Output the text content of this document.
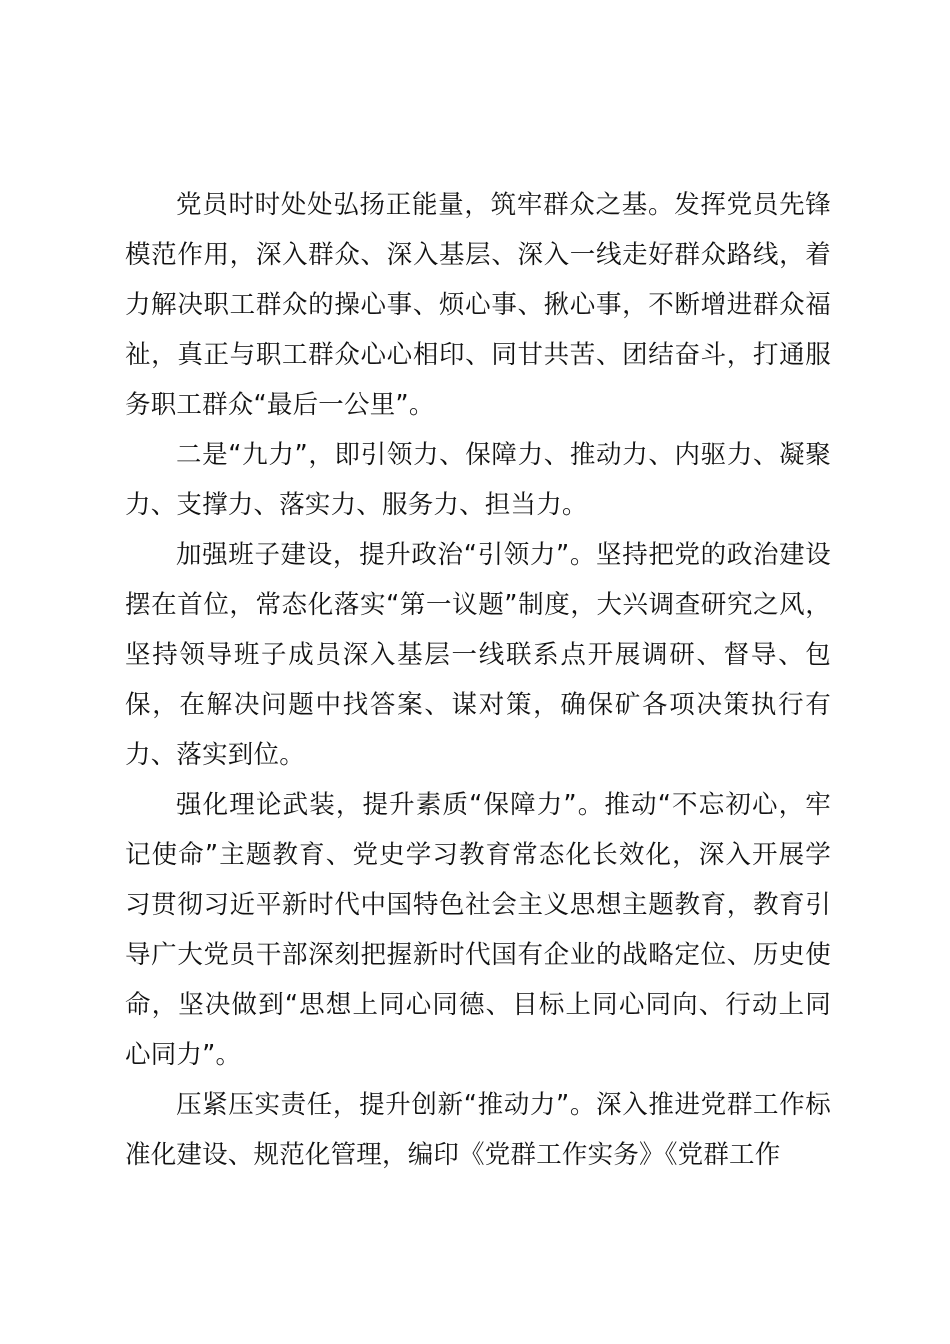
党员时时处处弘扬正能量，筑牢群众之基。发挥党员先锋模范作用，深入群众、深入基层、深入一线走好群众路线，着力解决职工群众的操心事、烦心事、揪心事，不断增进群众福祉，真正与职工群众心心相印、同甘共苦、团结奋斗，打通服务职工群众“最后一公里”。

二是“九力”，即引领力、保障力、推动力、内驱力、凝聚力、支撑力、落实力、服务力、担当力。

加强班子建设，提升政治“引领力”。坚持把党的政治建设摆在首位，常态化落实“第一议题”制度，大兴调查研究之风，坚持领导班子成员深入基层一线联系点开展调研、督导、包保，在解决问题中找答案、谋对策，确保矿各项决策执行有力、落实到位。

强化理论武装，提升素质“保障力”。推动“不忘初心，牢记使命”主题教育、党史学习教育常态化长效化，深入开展学习贯彻习近平新时代中国特色社会主义思想主题教育，教育引导广大党员干部深刻把握新时代国有企业的战略定位、历史使命，坚决做到“思想上同心同德、目标上同心同向、行动上同心同力”。

压紧压实责任，提升创新“推动力”。深入推进党群工作标准化建设、规范化管理，编印《党群工作实务》《党群工作
